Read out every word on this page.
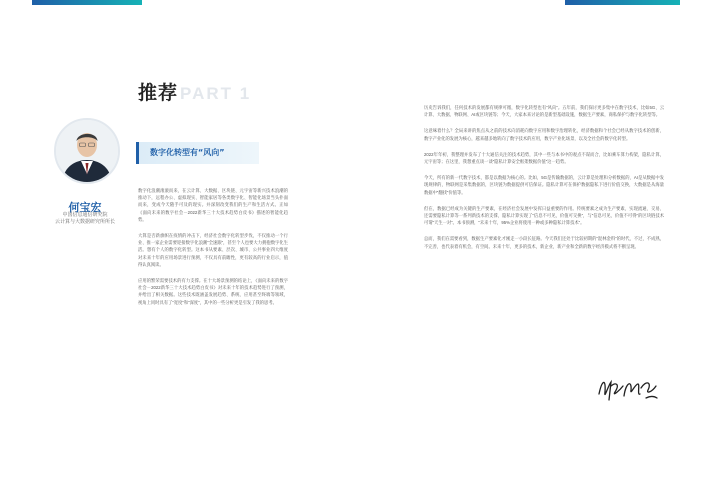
推荐 PART 1
何宝宏
中国信息通信研究院
云计算与大数据研究所所长
数字化转型有“风向”

数字化浪潮滚滚而来，在云计算、大数据、区块链、元宇宙等新兴技术浪潮的推动下，远程办公、虚拟现实、智能家居等各类数字化、智能化场景当头扑面而来，变成今天随手可及的现实。并深刻改变我们的生产和生活方式。正如《面向未来的数字社会－2022新华三十大技术趋势白皮书》描述的智能化趋势。

大算是否新旗帜在疫情的冲击下，经济社会数字化转型步伐，不仅推动一个行业、推一家企业需要迎接数字化浪潮“全速跟”，甚至个人也要大力拥抱数字化生活。想有个人的数字化转型。这本书从要素、层次、城市、公共事业四大维度对未来十年的应用场景进行预测，不仅具有前瞻性，更有较高的行业启示，值得认真阅读。

应用的繁荣需要技术的有力支撑。在十大场景预测的结论上，《面向未来的数字社会－2022新华三十大技术趋势白皮书》对未来十年的技术趋势进行了预测，并给出了相关数据。这些技术既涵盖发展趋势、系统、应用甚至终端等领域，视角上同时具有了“宽度”和“深度”，其中的一些分析更是引发了我的思考。

历史告诉我们，任何技术的发展都有规律可循，数字化转型也有“风向”。五年前，我们探讨更多集中在数字技术，比如5G、云计算、大数据、物联网、AI或区块链等；今天，大家本来讨论的是新型基础设施，数据生产要素，商私保护与数字化转型等。

这意味着什么？全局来讲的焦点从之前的技术向消耗向数字应用和数字治理转化，经济数据和个社会已经从数字技术的创新，数字产业化的发展为核心，越来越多地转向了数字技术的应用，数字产业化场景，以及全社会的数字化转型。

2022年年初，我整理并发布了十大通信关注的技术趋势，其中一些与本书中的观点不谋而合，比如乘车算力构架，隐私计算，元宇宙等；在这里，我想重点谈一谈“隐私计算安全框架数据价值”这一趋势。

今天，所有的新一代数字技术，都是以数据为核心的。比如，5G是传输数据的，云计算是处理和分析数据的，AI是从数据中发现规律的，物联网是采集数据的，区块链为数据提供可信保证。隐私计算可在保护数据隐私下进行价值交换，大数据是从海量数据中“翻找”价值等。

但在，数据已经成为关键的生产要素，在经济社会发展中发挥日益重要的作用。传统要素之成为生产要素，实现流通、交易、还需要隐私计算等一系列新技术的支撑，隐私计算实现了“信息不可见，价值可交换”，与“信息可见，价值不可得”的区块链技术可谓“天生一对”。本书预测，“未来十年，95%企业将使用一种或多种隐私计算技术”。

总而，我们在需要看到，数据生产要素化才刚走一小段长征路。今天我们还处于比较初期的“混林金料”的时代，不过，不成熟，不完善，也代表着有机会，有空间。未来十年，更多的技术，新企业，新产业和全新的数字经济模式将不断呈现。
